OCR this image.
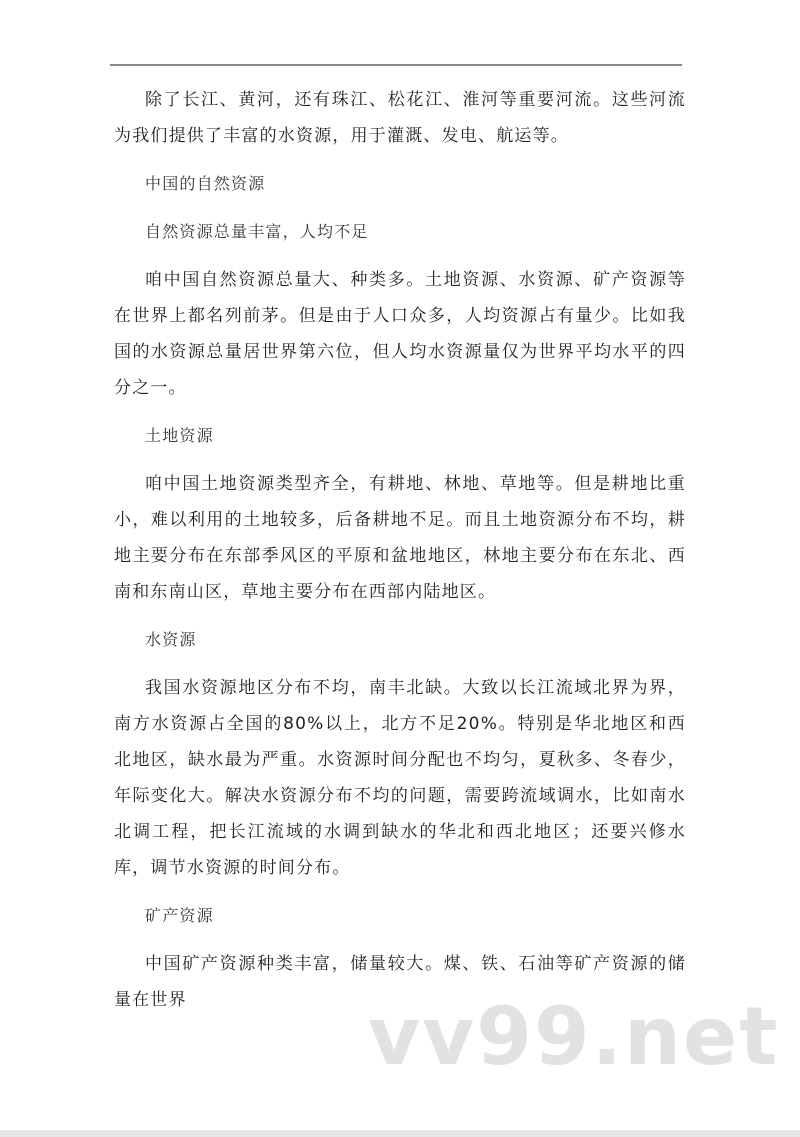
除了长江、黄河，还有珠江、松花江、淮河等重要河流。这些河流为我们提供了丰富的水资源，用于灌溉、发电、航运等。

中国的自然资源

自然资源总量丰富，人均不足

咱中国自然资源总量大、种类多。土地资源、水资源、矿产资源等在世界上都名列前茅。但是由于人口众多，人均资源占有量少。比如我国的水资源总量居世界第六位，但人均水资源量仅为世界平均水平的四分之一。

土地资源

咱中国土地资源类型齐全，有耕地、林地、草地等。但是耕地比重小，难以利用的土地较多，后备耕地不足。而且土地资源分布不均，耕地主要分布在东部季风区的平原和盆地地区，林地主要分布在东北、西南和东南山区，草地主要分布在西部内陆地区。

水资源

我国水资源地区分布不均，南丰北缺。大致以长江流域北界为界，南方水资源占全国的80%以上，北方不足20%。特别是华北地区和西北地区，缺水最为严重。水资源时间分配也不均匀，夏秋多、冬春少，年际变化大。解决水资源分布不均的问题，需要跨流域调水，比如南水北调工程，把长江流域的水调到缺水的华北和西北地区；还要兴修水库，调节水资源的时间分布。

矿产资源

中国矿产资源种类丰富，储量较大。煤、铁、石油等矿产资源的储量在世界	vv99.net
